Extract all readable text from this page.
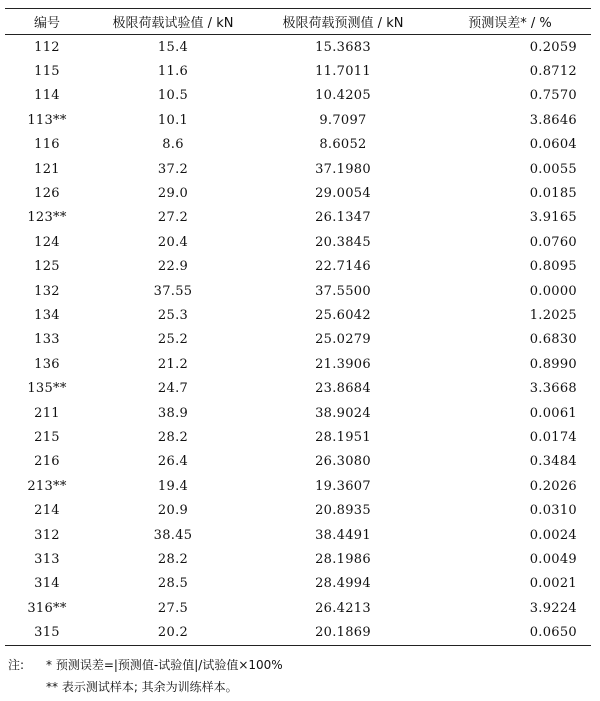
编号	极限荷载试验值 / kN	极限荷载预测值 / kN	预测误差* / %
112	15.4	15.3683	0.2059
115	11.6	11.7011	0.8712
114	10.5	10.4205	0.7570
113**	10.1	9.7097	3.8646
116	8.6	8.6052	0.0604
121	37.2	37.1980	0.0055
126	29.0	29.0054	0.0185
123**	27.2	26.1347	3.9165
124	20.4	20.3845	0.0760
125	22.9	22.7146	0.8095
132	37.55	37.5500	0.0000
134	25.3	25.6042	1.2025
133	25.2	25.0279	0.6830
136	21.2	21.3906	0.8990
135**	24.7	23.8684	3.3668
211	38.9	38.9024	0.0061
215	28.2	28.1951	0.0174
216	26.4	26.3080	0.3484
213**	19.4	19.3607	0.2026
214	20.9	20.8935	0.0310
312	38.45	38.4491	0.0024
313	28.2	28.1986	0.0049
314	28.5	28.4994	0.0021
316**	27.5	26.4213	3.9224
315	20.2	20.1869	0.0650
注: * 预测误差=|预测值-试验值|/试验值×100%
** 表示测试样本; 其余为训练样本。
